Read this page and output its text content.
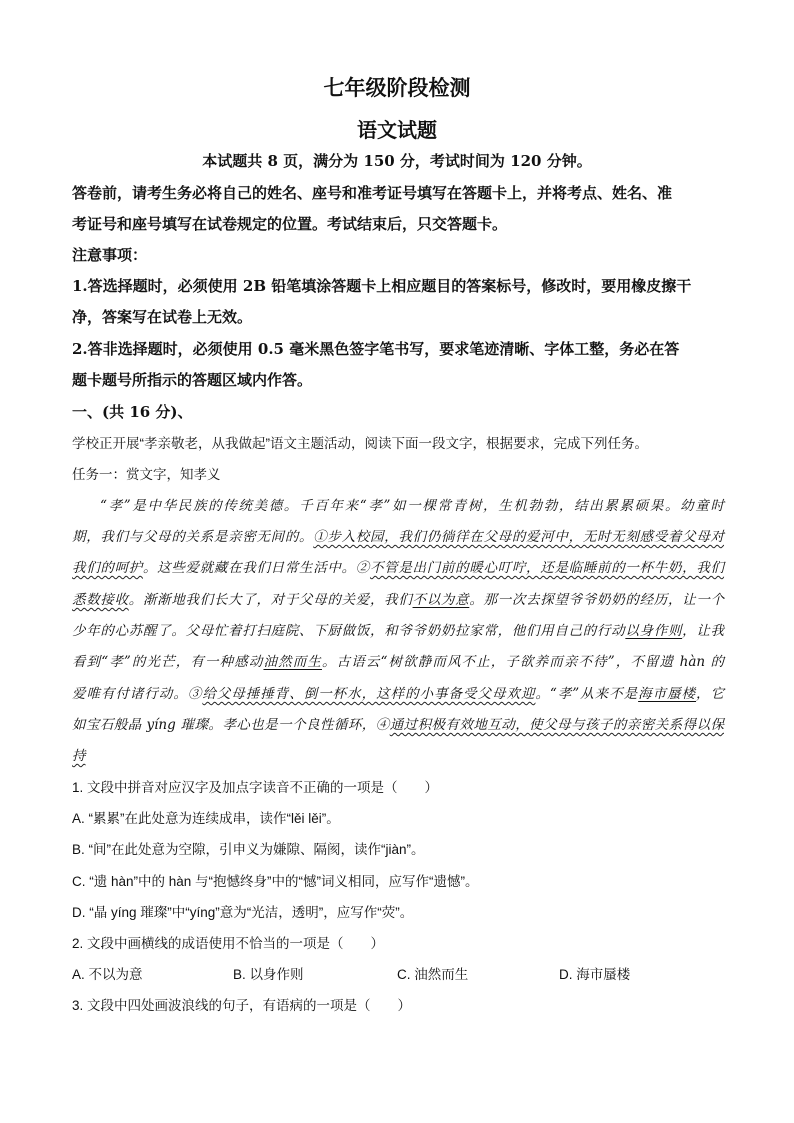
七年级阶段检测
语文试题
本试题共 8 页，满分为 150 分，考试时间为 120 分钟。
答卷前，请考生务必将自己的姓名、座号和准考证号填写在答题卡上，并将考点、姓名、准
考证号和座号填写在试卷规定的位置。考试结束后，只交答题卡。
注意事项：
1.答选择题时，必须使用 2B 铅笔填涂答题卡上相应题目的答案标号，修改时，要用橡皮擦干
净，答案写在试卷上无效。
2.答非选择题时，必须使用 0.5 毫米黑色签字笔书写，要求笔迹清晰、字体工整，务必在答
题卡题号所指示的答题区域内作答。
一、(共 16 分)、
学校正开展“孝亲敬老，从我做起”语文主题活动，阅读下面一段文字，根据要求，完成下列任务。
任务一：赏文字，知孝义
“孝”是中华民族的传统美德。千百年来“孝”如一棵常青树，生机勃勃，结出累累硕果。幼童时
期，我们与父母的关系是亲密无间的。①步入校园，我们仍徜徉在父母的爱河中，无时无刻感受着父母对
我们的呵护。这些爱就藏在我们日常生活中。②不管是出门前的暖心叮咛，还是临睡前的一杯牛奶，我们
悉数接收。渐渐地我们长大了，对于父母的关爱，我们不以为意。那一次去探望爷爷奶奶的经历，让一个
少年的心苏醒了。父母忙着打扫庭院、下厨做饭，和爷爷奶奶拉家常，他们用自己的行动以身作则，让我
看到“孝”的光芒，有一种感动油然而生。古语云“树欲静而风不止，子欲养而亲不待”，不留遗 hàn 的
爱唯有付诸行动。③给父母捶捶背、倒一杯水，这样的小事备受父母欢迎。“孝”从来不是海市蜃楼，它
如宝石般晶 yíng 璀璨。孝心也是一个良性循环，④通过积极有效地互动，使父母与孩子的亲密关系得以保
持
1. 文段中拼音对应汉字及加点字读音不正确的一项是（　　）
A. “累累”在此处意为连续成串，读作“lěi lěi”。
B. “间”在此处意为空隙，引申义为嫌隙、隔阂，读作“jiàn”。
C. “遗 hàn”中的 hàn 与“抱憾终身”中的“憾”词义相同，应写作“遗憾”。
D. “晶 yíng 璀璨”中“yíng”意为“光洁，透明”，应写作“荧”。
2. 文段中画横线的成语使用不恰当的一项是（　　）
A. 不以为意	B. 以身作则	C. 油然而生	D. 海市蜃楼
3. 文段中四处画波浪线的句子，有语病的一项是（　　）
